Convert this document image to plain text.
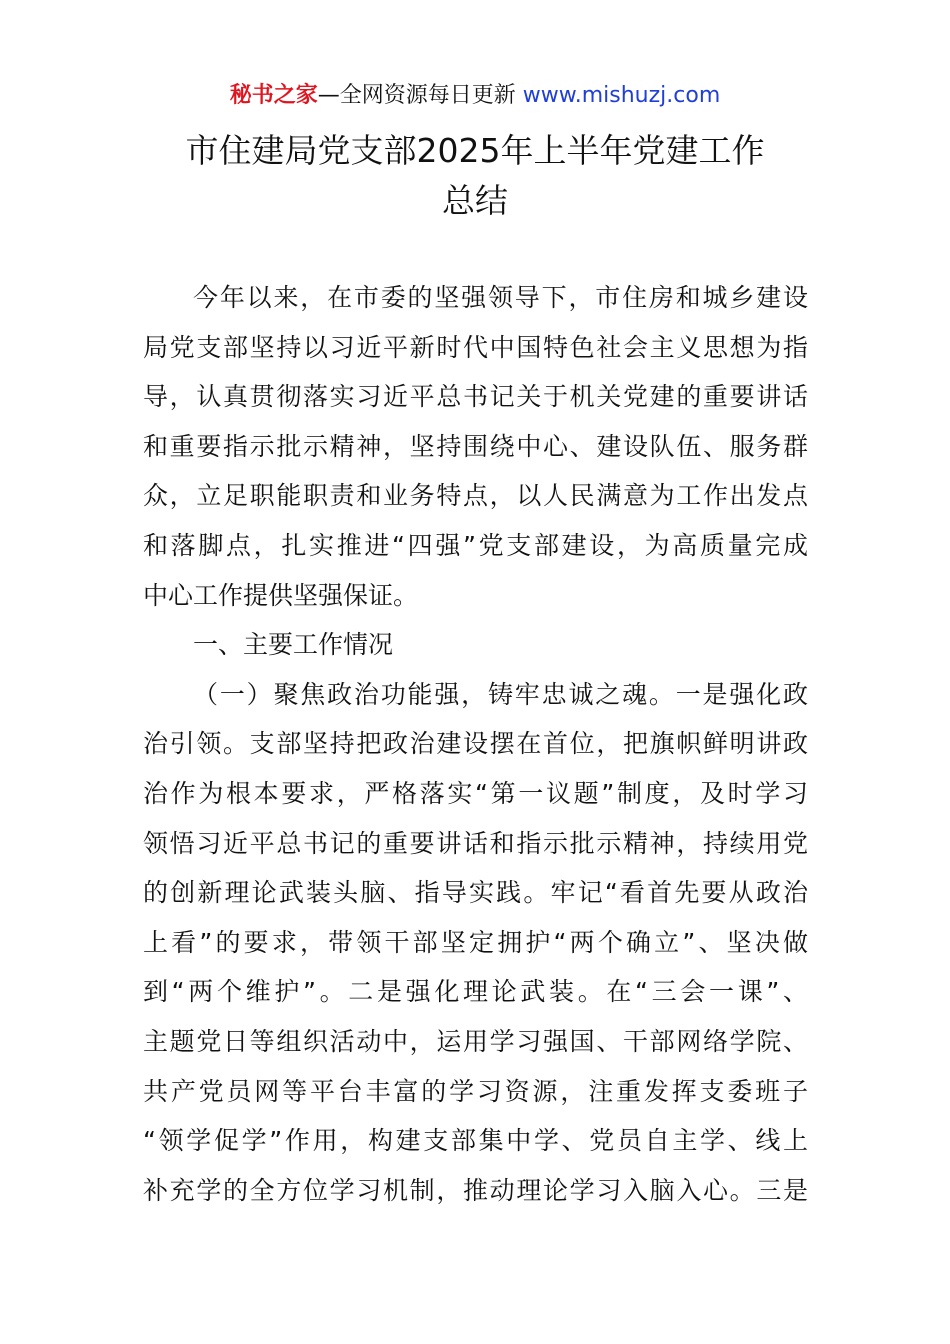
秘书之家—全网资源每日更新 www.mishuzj.com
市住建局党支部2025年上半年党建工作
总结
今年以来，在市委的坚强领导下，市住房和城乡建设
局党支部坚持以习近平新时代中国特色社会主义思想为指
导，认真贯彻落实习近平总书记关于机关党建的重要讲话
和重要指示批示精神，坚持围绕中心、建设队伍、服务群
众，立足职能职责和业务特点，以人民满意为工作出发点
和落脚点，扎实推进“四强”党支部建设，为高质量完成
中心工作提供坚强保证。
一、主要工作情况
（一）聚焦政治功能强，铸牢忠诚之魂。一是强化政
治引领。支部坚持把政治建设摆在首位，把旗帜鲜明讲政
治作为根本要求，严格落实“第一议题”制度，及时学习
领悟习近平总书记的重要讲话和指示批示精神，持续用党
的创新理论武装头脑、指导实践。牢记“看首先要从政治
上看”的要求，带领干部坚定拥护“两个确立”、坚决做
到“两个维护”。二是强化理论武装。在“三会一课”、
主题党日等组织活动中，运用学习强国、干部网络学院、
共产党员网等平台丰富的学习资源，注重发挥支委班子
“领学促学”作用，构建支部集中学、党员自主学、线上
补充学的全方位学习机制，推动理论学习入脑入心。三是
